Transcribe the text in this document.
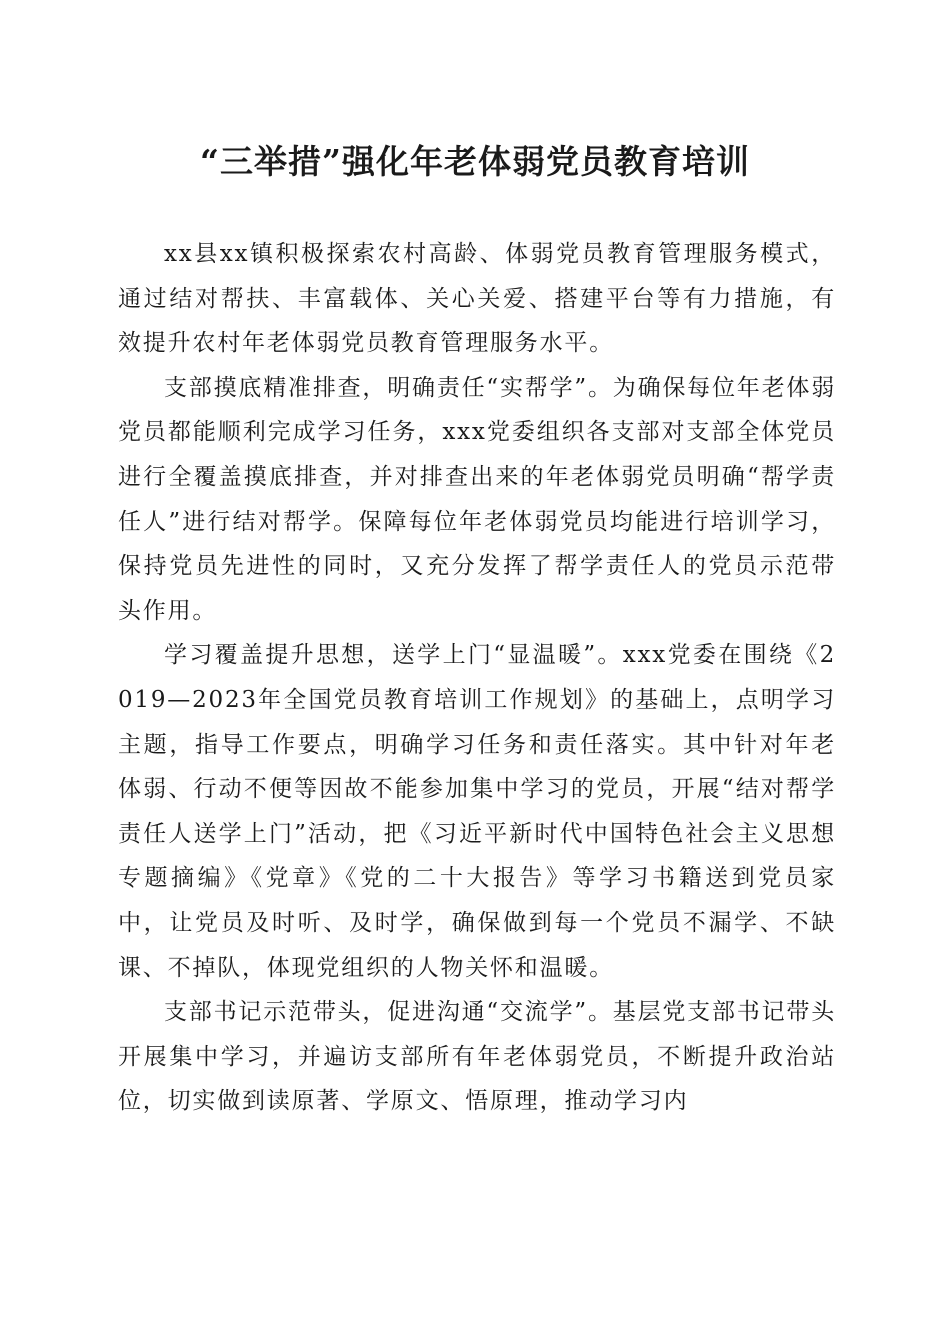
“三举措”强化年老体弱党员教育培训

xx县xx镇积极探索农村高龄、体弱党员教育管理服务模式，通过结对帮扶、丰富载体、关心关爱、搭建平台等有力措施，有效提升农村年老体弱党员教育管理服务水平。

支部摸底精准排查，明确责任“实帮学”。为确保每位年老体弱党员都能顺利完成学习任务，xxx党委组织各支部对支部全体党员进行全覆盖摸底排查，并对排查出来的年老体弱党员明确“帮学责任人”进行结对帮学。保障每位年老体弱党员均能进行培训学习，保持党员先进性的同时，又充分发挥了帮学责任人的党员示范带头作用。

学习覆盖提升思想，送学上门“显温暖”。xxx党委在围绕《2019—2023年全国党员教育培训工作规划》的基础上，点明学习主题，指导工作要点，明确学习任务和责任落实。其中针对年老体弱、行动不便等因故不能参加集中学习的党员，开展“结对帮学责任人送学上门”活动，把《习近平新时代中国特色社会主义思想专题摘编》《党章》《党的二十大报告》等学习书籍送到党员家中，让党员及时听、及时学，确保做到每一个党员不漏学、不缺课、不掉队，体现党组织的人物关怀和温暖。

支部书记示范带头，促进沟通“交流学”。基层党支部书记带头开展集中学习，并遍访支部所有年老体弱党员，不断提升政治站位，切实做到读原著、学原文、悟原理，推动学习内
